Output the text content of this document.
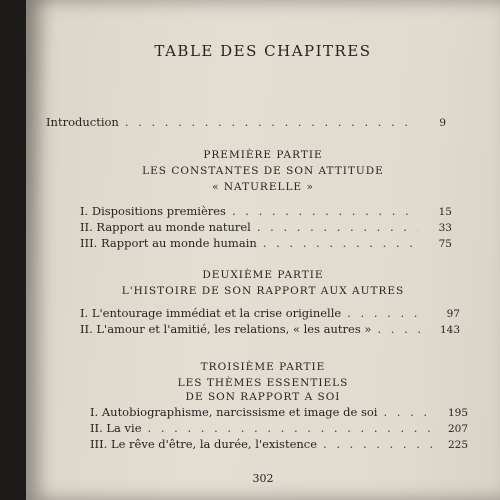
TABLE DES CHAPITRES
Introduction . . .	9
PREMIÈRE PARTIE
LES CONSTANTES DE SON ATTITUDE
« NATURELLE »
I. Dispositions premières . . .	15
II. Rapport au monde naturel . . .	33
III. Rapport au monde humain . . .	75
DEUXIÈME PARTIE
L'HISTOIRE DE SON RAPPORT AUX AUTRES
I. L'entourage immédiat et la crise originelle . . .	97
II. L'amour et l'amitié, les relations, « les autres » . . .	143
TROISIÈME PARTIE
LES THÈMES ESSENTIELS
DE SON RAPPORT A SOI
I. Autobiographisme, narcissisme et image de soi . . .	195
II. La vie . . .	207
III. Le rêve d'être, la durée, l'existence . . .	225
302
